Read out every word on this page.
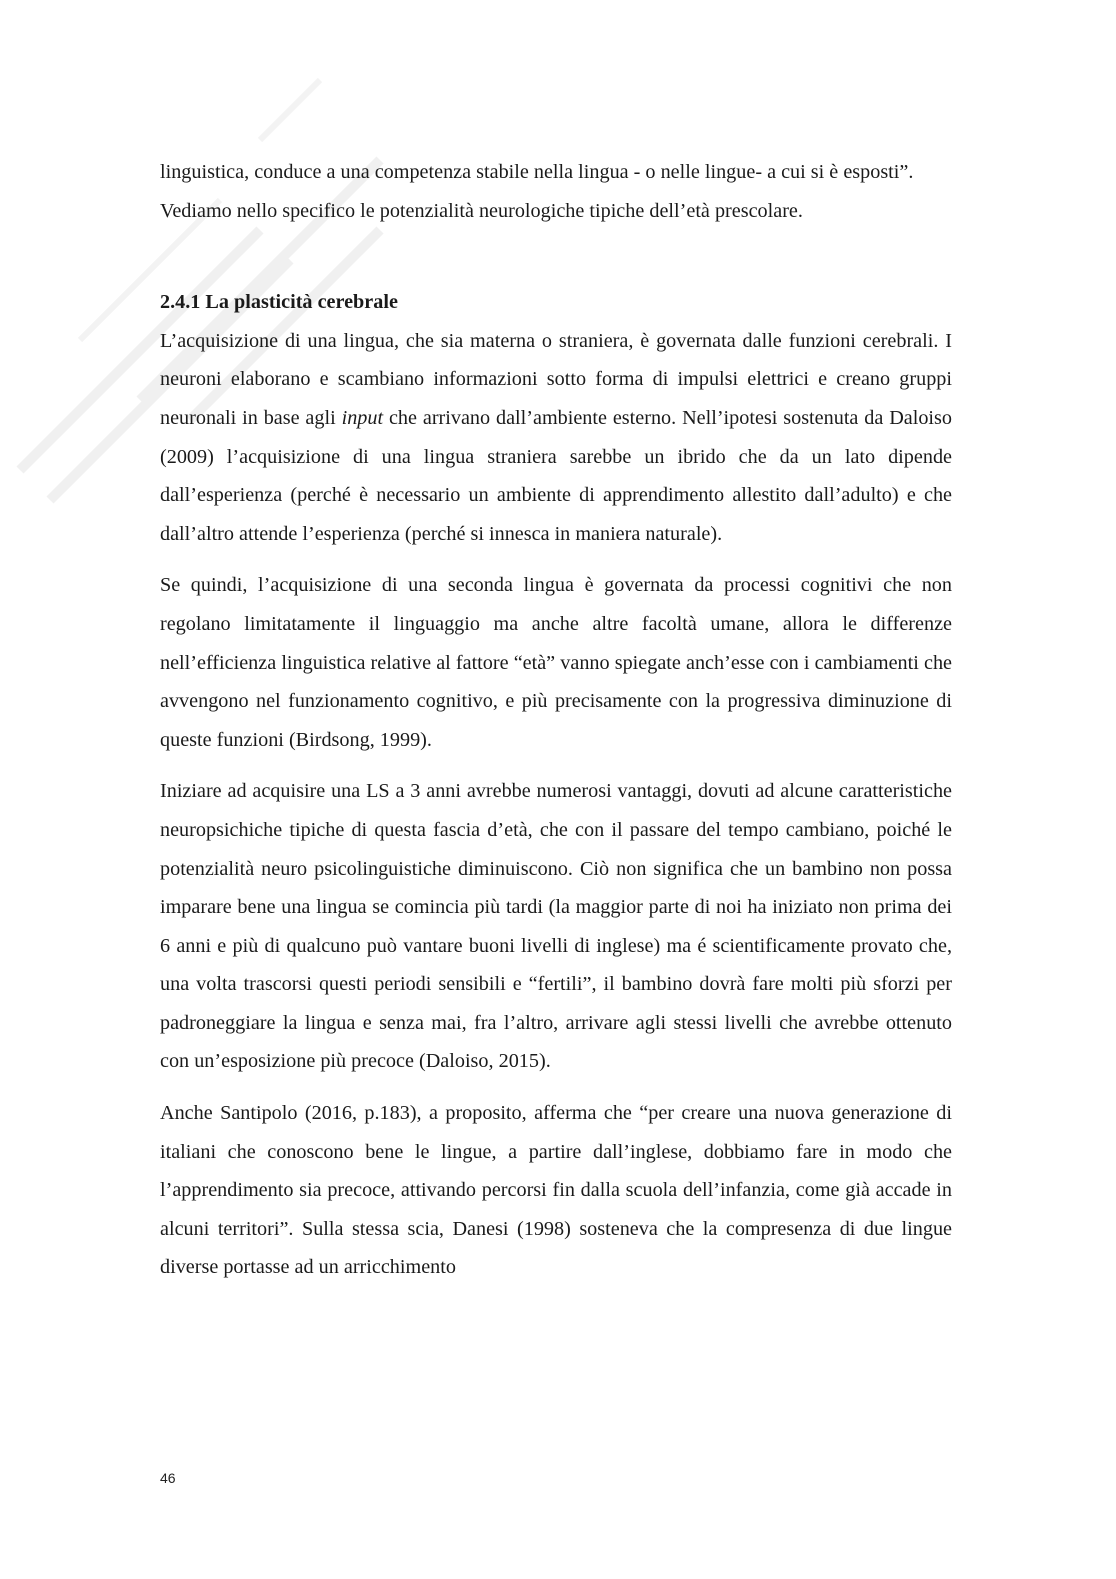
linguistica, conduce a una competenza stabile nella lingua - o nelle lingue- a cui si è esposti”.

Vediamo nello specifico le potenzialità neurologiche tipiche dell’età prescolare.

2.4.1 La plasticità cerebrale

L’acquisizione di una lingua, che sia materna o straniera, è governata dalle funzioni cerebrali. I neuroni elaborano e scambiano informazioni sotto forma di impulsi elettrici e creano gruppi neuronali in base agli input che arrivano dall’ambiente esterno. Nell’ipotesi sostenuta da Daloiso (2009) l’acquisizione di una lingua straniera sarebbe un ibrido che da un lato dipende dall’esperienza (perché è necessario un ambiente di apprendimento allestito dall’adulto) e che dall’altro attende l’esperienza (perché si innesca in maniera naturale).

Se quindi, l’acquisizione di una seconda lingua è governata da processi cognitivi che non regolano limitatamente il linguaggio ma anche altre facoltà umane, allora le differenze nell’efficienza linguistica relative al fattore “età” vanno spiegate anch’esse con i cambiamenti che avvengono nel funzionamento cognitivo, e più precisamente con la progressiva diminuzione di queste funzioni (Birdsong, 1999).

Iniziare ad acquisire una LS a 3 anni avrebbe numerosi vantaggi, dovuti ad alcune caratteristiche neuropsichiche tipiche di questa fascia d’età, che con il passare del tempo cambiano, poiché le potenzialità neuro psicolinguistiche diminuiscono. Ciò non significa che un bambino non possa imparare bene una lingua se comincia più tardi (la maggior parte di noi ha iniziato non prima dei 6 anni e più di qualcuno può vantare buoni livelli di inglese) ma é scientificamente provato che, una volta trascorsi questi periodi sensibili e “fertili”, il bambino dovrà fare molti più sforzi per padroneggiare la lingua e senza mai, fra l’altro, arrivare agli stessi livelli che avrebbe ottenuto con un’esposizione più precoce (Daloiso, 2015).

Anche Santipolo (2016, p.183), a proposito, afferma che “per creare una nuova generazione di italiani che conoscono bene le lingue, a partire dall’inglese, dobbiamo fare in modo che l’apprendimento sia precoce, attivando percorsi fin dalla scuola dell’infanzia, come già accade in alcuni territori”. Sulla stessa scia, Danesi (1998) sosteneva che la compresenza di due lingue diverse portasse ad un arricchimento

46
